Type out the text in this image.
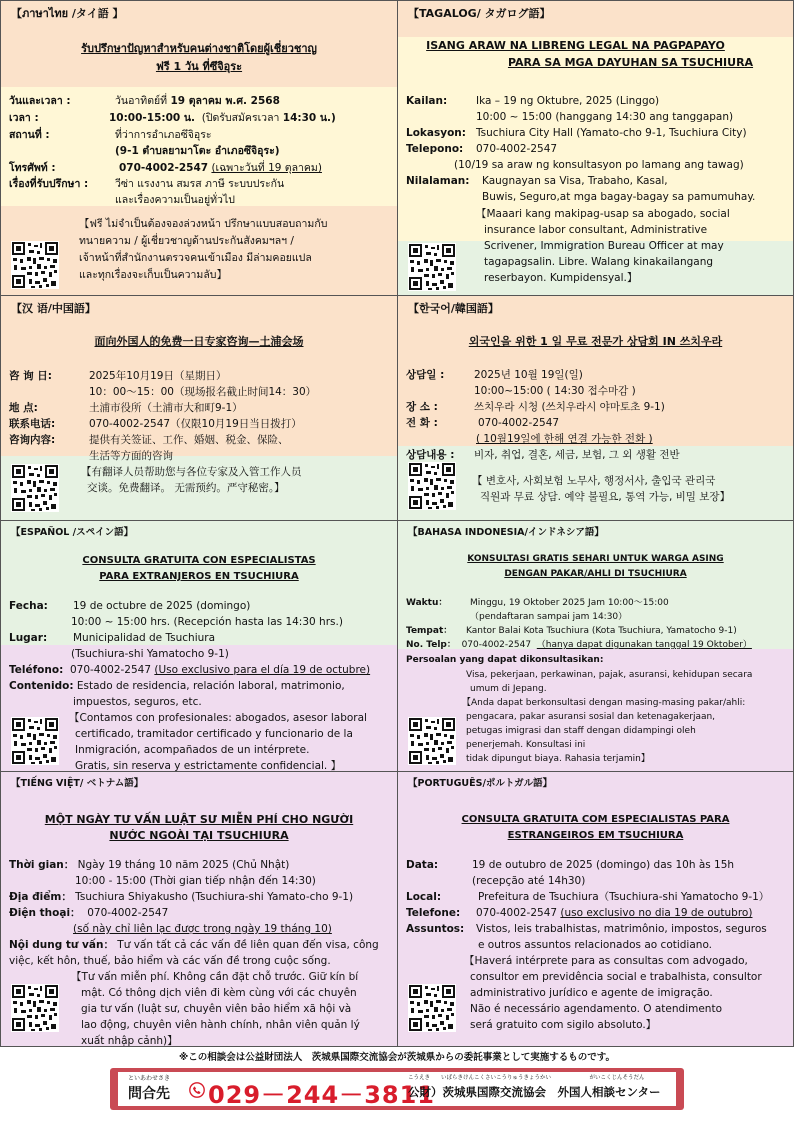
【ภาษาไทย /タイ語 】
รับปรึกษาปัญหาสำหรับคนต่างชาติโดยผู้เชี่ยวชาญ
ฟรี 1 วัน ที่ซึจิอุระ
วันและเวลา :	วันอาทิตย์ที่ 19 ตุลาคม พ.ศ. 2568
เวลา :	10:00-15:00 น. (ปิดรับสมัครเวลา 14:30 น.)
สถานที่ :	ที่ว่าการอำเภอซึจิอุระ
(9-1 ตำบลยามาโตะ อำเภอซึจิอุระ)
โทรศัพท์ :	070-4002-2547 (เฉพาะวันที่ 19 ตุลาคม)
เรื่องที่รับปรึกษา :	วีซ่า แรงงาน สมรส ภาษี ระบบประกัน
และเรื่องความเป็นอยู่ทั่วไป
【ฟรี ไม่จำเป็นต้องจองล่วงหน้า ปรึกษาแบบสอบถามกับ
ทนายความ / ผู้เชี่ยวชาญด้านประกันสังคมฯลฯ /
เจ้าหน้าที่สำนักงานตรวจคนเข้าเมือง มีล่ามคอยแปล
และทุกเรื่องจะเก็บเป็นความลับ】
【TAGALOG/ タガログ語】
ISANG ARAW NA LIBRENG LEGAL NA PAGPAPAYO
PARA SA MGA DAYUHAN SA TSUCHIURA
Kailan:	Ika – 19 ng Oktubre, 2025 (Linggo)
10:00 ~ 15:00 (hanggang 14:30 ang tanggapan)
Lokasyon: Tsuchiura City Hall (Yamato-cho 9-1, Tsuchiura City)
Telepono: 070-4002-2547
(10/19 sa araw ng konsultasyon po lamang ang tawag)
Nilalaman: Kaugnayan sa Visa, Trabaho, Kasal,
Buwis, Seguro,at mga bagay-bagay sa pamumuhay.
【Maaari kang makipag-usap sa abogado, social
insurance labor consultant, Administrative
Scrivener, Immigration Bureau Officer at may
tagapagsalin. Libre. Walang kinakailangang
reserbayon. Kumpidensyal.】
【汉 语/中国語】
面向外国人的免费一日专家咨询—土浦会场
咨 询 日:	2025年10月19日（星期日）
10：00～15：00（现场报名截止时间14：30）
地 点:	土浦市役所（土浦市大和町9-1）
联系电话:	070-4002-2547（仅限10月19日当日拨打）
咨询内容:	提供有关签证、工作、婚姻、税金、保险、
生活等方面的咨询
【有翻译人员帮助您与各位专家及入管工作人员
交谈。免费翻译。 无需预约。严守秘密。】
【한국어/韓国語】
외국인을 위한 1 일 무료 전문가 상담회 IN 쓰치우라
상담일 :	2025년 10월 19일(일)
10:00~15:00 ( 14:30 접수마감 )
장 소 :	쓰치우라 시청 (쓰치우라시 야마토초 9-1)
전 화 :	070-4002-2547
( 10월19일에 한해 연결 가능한 전화 )
상담내용 : 비자, 취업, 결혼, 세금, 보험, 그 외 생활 전반
【 변호사, 사회보험 노무사, 행정서사, 출입국 관리국
직원과 무료 상담. 예약 불필요, 통역 가능, 비밀 보장】
【ESPAÑOL /スペイン語】
CONSULTA GRATUITA CON ESPECIALISTAS
PARA EXTRANJEROS EN TSUCHIURA
Fecha: 19 de octubre de 2025 (domingo)
10:00 ~ 15:00 hrs. (Recepción hasta las 14:30 hrs.)
Lugar: Municipalidad de Tsuchiura
(Tsuchiura-shi Yamatocho 9-1)
Teléfono: 070-4002-2547 (Uso exclusivo para el día 19 de octubre)
Contenido: Estado de residencia, relación laboral, matrimonio,
impuestos, seguros, etc.
【Contamos con profesionales: abogados, asesor laboral
certificado, tramitador certificado y funcionario de la
Inmigración, acompañados de un intérprete.
Gratis, sin reserva y estrictamente confidencial. 】
【BAHASA INDONESIA/インドネシア語】
KONSULTASI GRATIS SEHARI UNTUK WARGA ASING
DENGAN PAKAR/AHLI DI TSUCHIURA
Waktu：	Minggu, 19 Oktober 2025 Jam 10:00～15:00
（pendaftaran sampai jam 14:30）
Tempat： Kantor Balai Kota Tsuchiura (Kota Tsuchiura, Yamatocho 9-1)
No. Telp： 070-4002-2547 （hanya dapat digunakan tanggal 19 Oktober）
Persoalan yang dapat dikonsultasikan:
Visa, pekerjaan, perkawinan, pajak, asuransi, kehidupan secara
umum di Jepang.
【Anda dapat berkonsultasi dengan masing-masing pakar/ahli:
pengacara, pakar asuransi sosial dan ketenagakerjaan,
petugas imigrasi dan staff dengan didampingi oleh
penerjemah. Konsultasi ini
tidak dipungut biaya. Rahasia terjamin】
【TIẾNG VIỆT/ ベトナム語】
MỘT NGÀY TƯ VẤN LUẬT SƯ MIỄN PHÍ CHO NGƯỜI
NƯỚC NGOÀI TẠI TSUCHIURA
Thời gian： Ngày 19 tháng 10 năm 2025 (Chủ Nhật)
10:00 - 15:00 (Thời gian tiếp nhận đến 14:30)
Địa điểm： Tsuchiura Shiyakusho (Tsuchiura-shi Yamato-cho 9-1)
Điện thoại： 070-4002-2547
(số này chỉ liên lạc được trong ngày 19 tháng 10)
Nội dung tư vấn： Tư vấn tất cả các vấn đề liên quan đến visa, công
việc, kết hôn, thuế, bảo hiểm và các vấn đề trong cuộc sống.
【Tư vấn miễn phí. Không cần đặt chỗ trước. Giữ kín bí
mật. Có thông dịch viên đi kèm cùng với các chuyên
gia tư vấn (luật sư, chuyên viên bảo hiểm xã hội và
lao động, chuyên viên hành chính, nhân viên quản lý
xuất nhập cảnh)】
【PORTUGUÊS/ポルトガル語】
CONSULTA GRATUITA COM ESPECIALISTAS PARA
ESTRANGEIROS EM TSUCHIURA
Data:	19 de outubro de 2025 (domingo) das 10h às 15h
(recepção até 14h30)
Local:	Prefeitura de Tsuchiura（Tsuchiura-shi Yamatocho 9-1）
Telefone: 070-4002-2547 (uso exclusivo no dia 19 de outubro)
Assuntos: Vistos, leis trabalhistas, matrimônio, impostos, seguros
e outros assuntos relacionados ao cotidiano.
【Haverá intérprete para as consultas com advogado,
consultor em previdência social e trabalhista, consultor
administrativo jurídico e agente de imigração.
Não é necessário agendamento. O atendimento
será gratuito com sigilo absoluto.】
※この相談会は公益財団法人　茨城県国際交流協会が茨城県からの委託事業として実施するものです。
といあわせさき
問合先 029－244－3811
こうえき　　いばらきけんこくさいこうりゅうきょうかい　　　　　　　がいこくじんそうだん
公財）茨城県国際交流協会　外国人相談センター
